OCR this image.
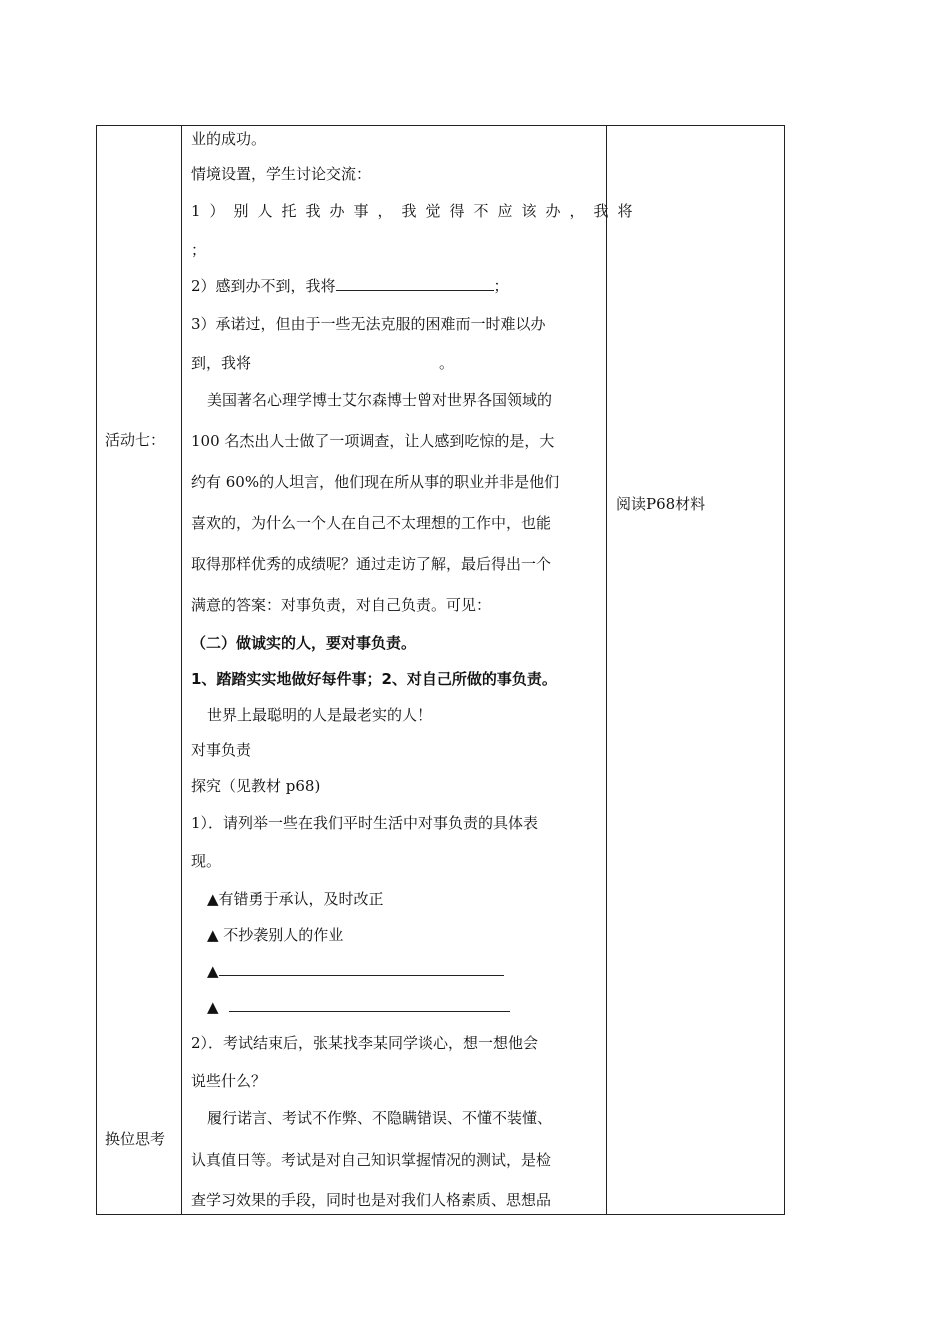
活动七：
换位思考
阅读P68材料
业的成功。
情境设置，学生讨论交流：
1）别人托我办事，我觉得不应该办，我将
；
2）感到办不到，我将	；
3）承诺过，但由于一些无法克服的困难而一时难以办
到，我将	。
美国著名心理学博士艾尔森博士曾对世界各国领域的
100 名杰出人士做了一项调查，让人感到吃惊的是，大
约有 60%的人坦言，他们现在所从事的职业并非是他们
喜欢的，为什么一个人在自己不太理想的工作中，也能
取得那样优秀的成绩呢？通过走访了解，最后得出一个
满意的答案：对事负责，对自己负责。可见：
（二）做诚实的人，要对事负责。
1、踏踏实实地做好每件事；2、对自己所做的事负责。
世界上最聪明的人是最老实的人！
对事负责
探究（见教材 p68)
1）．请列举一些在我们平时生活中对事负责的具体表
现。
▲有错勇于承认，及时改正
▲ 不抄袭别人的作业
▲
▲
2）．考试结束后，张某找李某同学谈心，想一想他会
说些什么？
履行诺言、考试不作弊、不隐瞒错误、不懂不装懂、
认真值日等。考试是对自己知识掌握情况的测试，是检
查学习效果的手段，同时也是对我们人格素质、思想品
